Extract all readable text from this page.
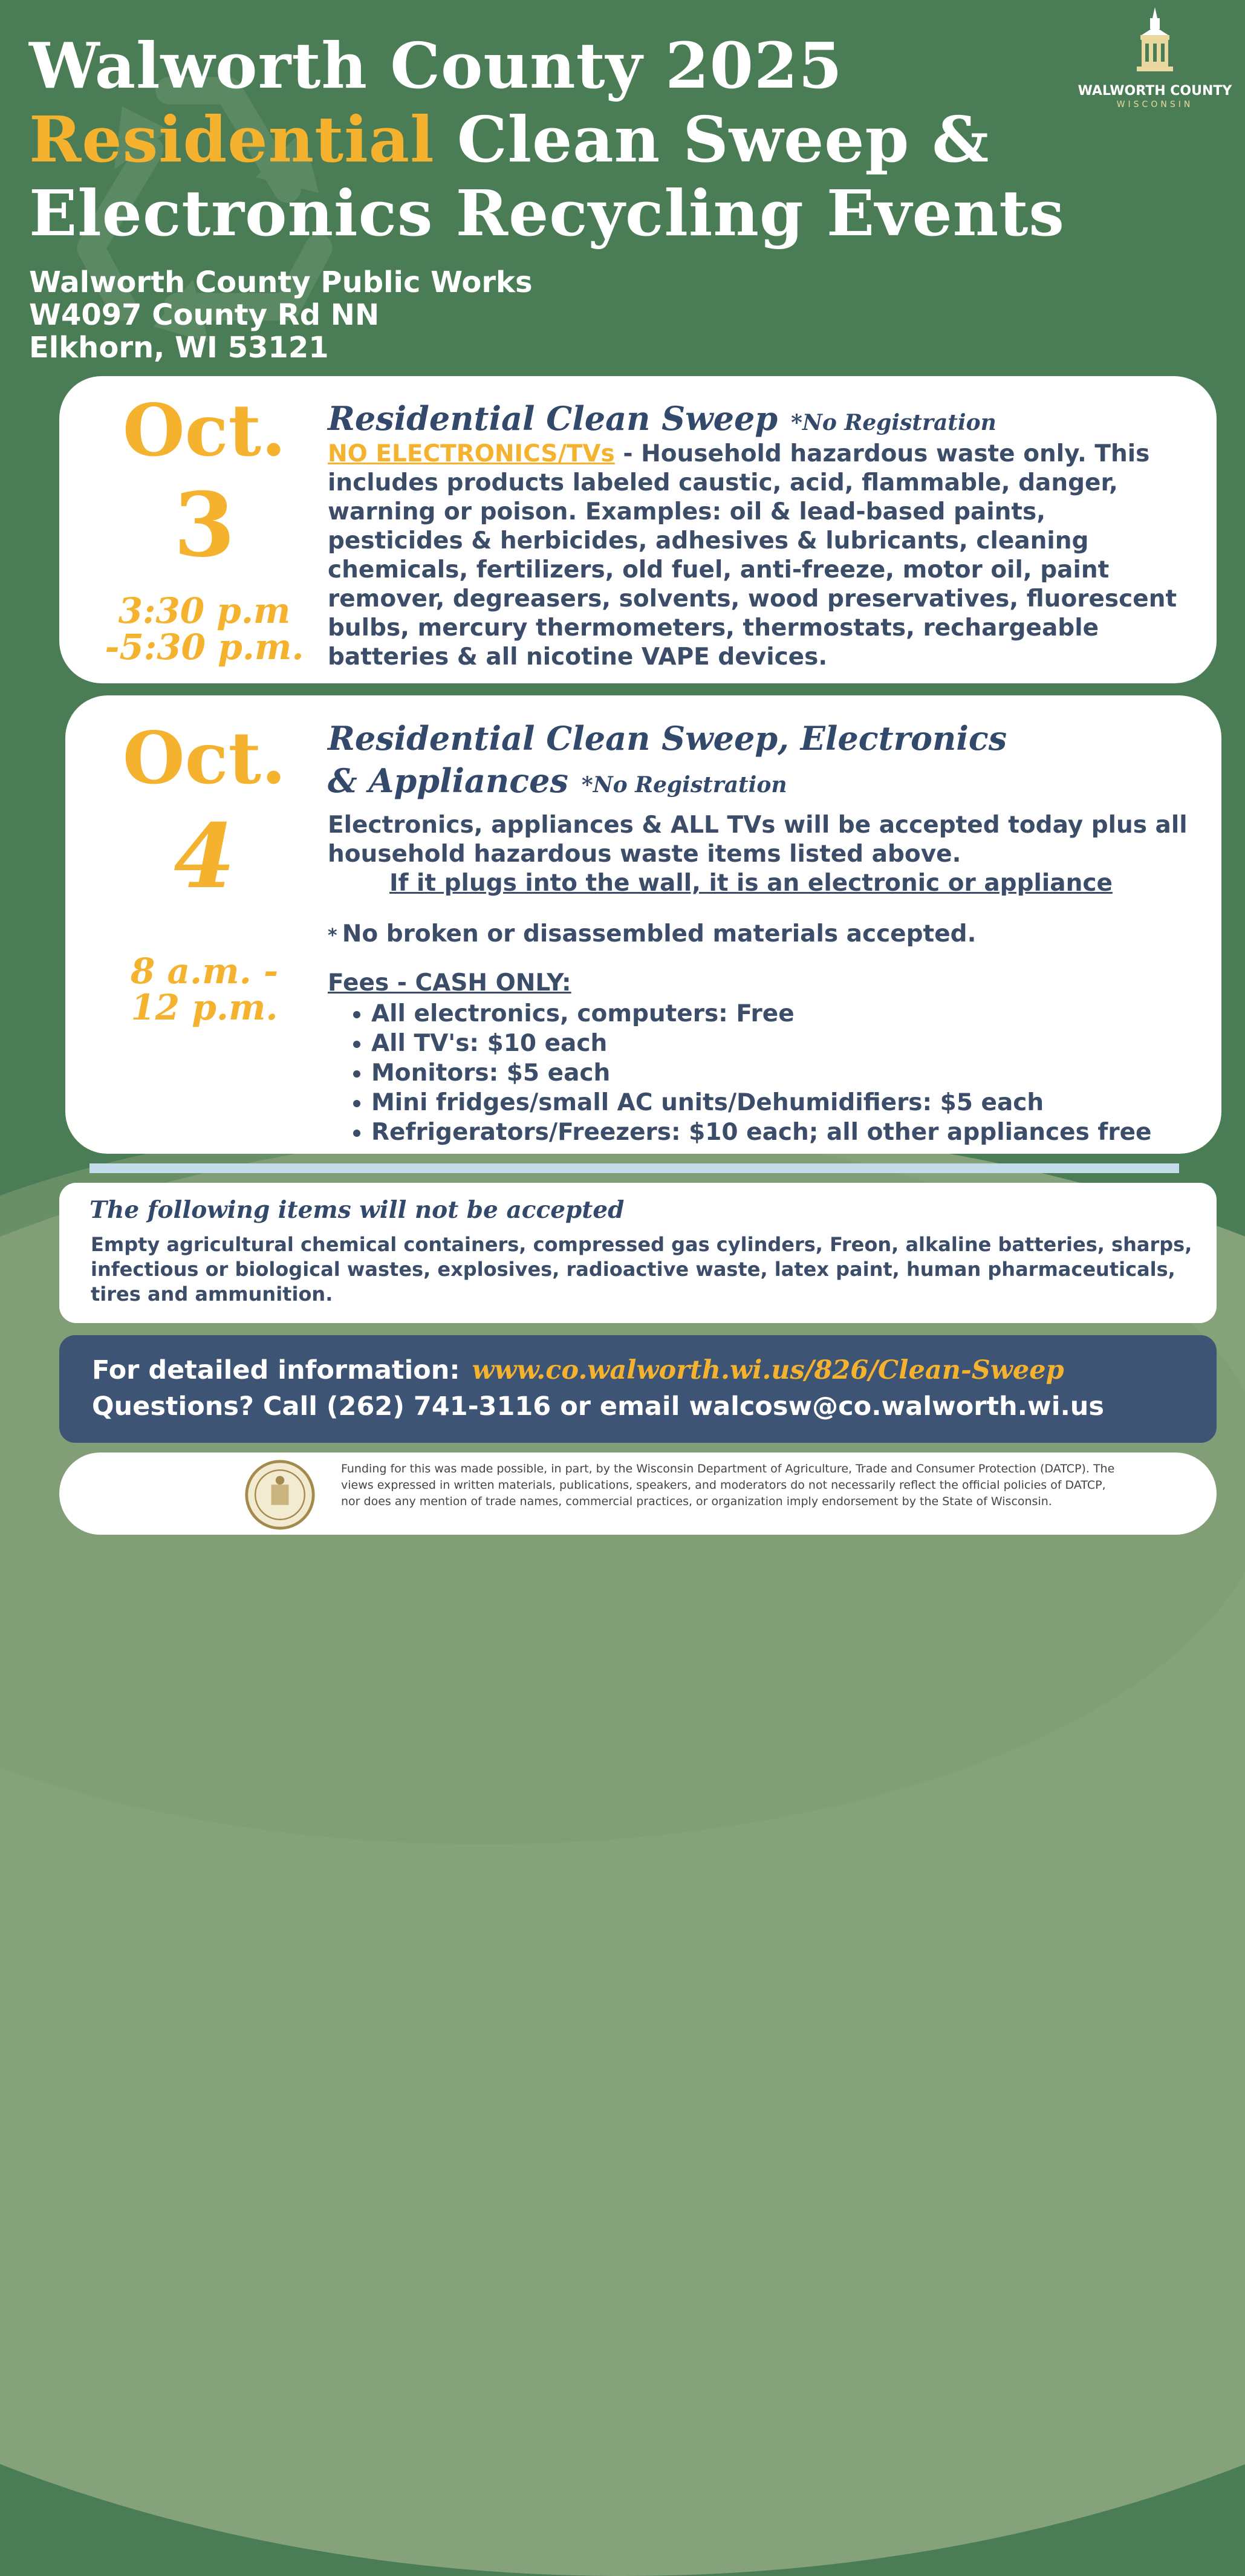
Walworth County 2025
Residential Clean Sweep &
Electronics Recycling Events
WALWORTH COUNTY
WISCONSIN
Walworth County Public Works
W4097 County Rd NN
Elkhorn, WI 53121
Oct.
3
3:30 p.m
-5:30 p.m.
Residential Clean Sweep *No Registration
NO ELECTRONICS/TVs - Household hazardous waste only. This includes products labeled caustic, acid, flammable, danger, warning or poison. Examples: oil & lead-based paints, pesticides & herbicides, adhesives & lubricants, cleaning chemicals, fertilizers, old fuel, anti-freeze, motor oil, paint remover, degreasers, solvents, wood preservatives, fluorescent bulbs, mercury thermometers, thermostats, rechargeable batteries & all nicotine VAPE devices.
Oct.
4
8 a.m. -
12 p.m.
Residential Clean Sweep, Electronics
& Appliances *No Registration
Electronics, appliances & ALL TVs will be accepted today plus all household hazardous waste items listed above.
If it plugs into the wall, it is an electronic or appliance
* No broken or disassembled materials accepted.
Fees - CASH ONLY:
• All electronics, computers: Free
• All TV's: $10 each
• Monitors: $5 each
• Mini fridges/small AC units/Dehumidifiers: $5 each
• Refrigerators/Freezers: $10 each; all other appliances free
The following items will not be accepted
Empty agricultural chemical containers, compressed gas cylinders, Freon, alkaline batteries, sharps, infectious or biological wastes, explosives, radioactive waste, latex paint, human pharmaceuticals, tires and ammunition.
For detailed information: www.co.walworth.wi.us/826/Clean-Sweep
Questions? Call (262) 741-3116 or email walcosw@co.walworth.wi.us
Funding for this was made possible, in part, by the Wisconsin Department of Agriculture, Trade and Consumer Protection (DATCP). The views expressed in written materials, publications, speakers, and moderators do not necessarily reflect the official policies of DATCP, nor does any mention of trade names, commercial practices, or organization imply endorsement by the State of Wisconsin.
